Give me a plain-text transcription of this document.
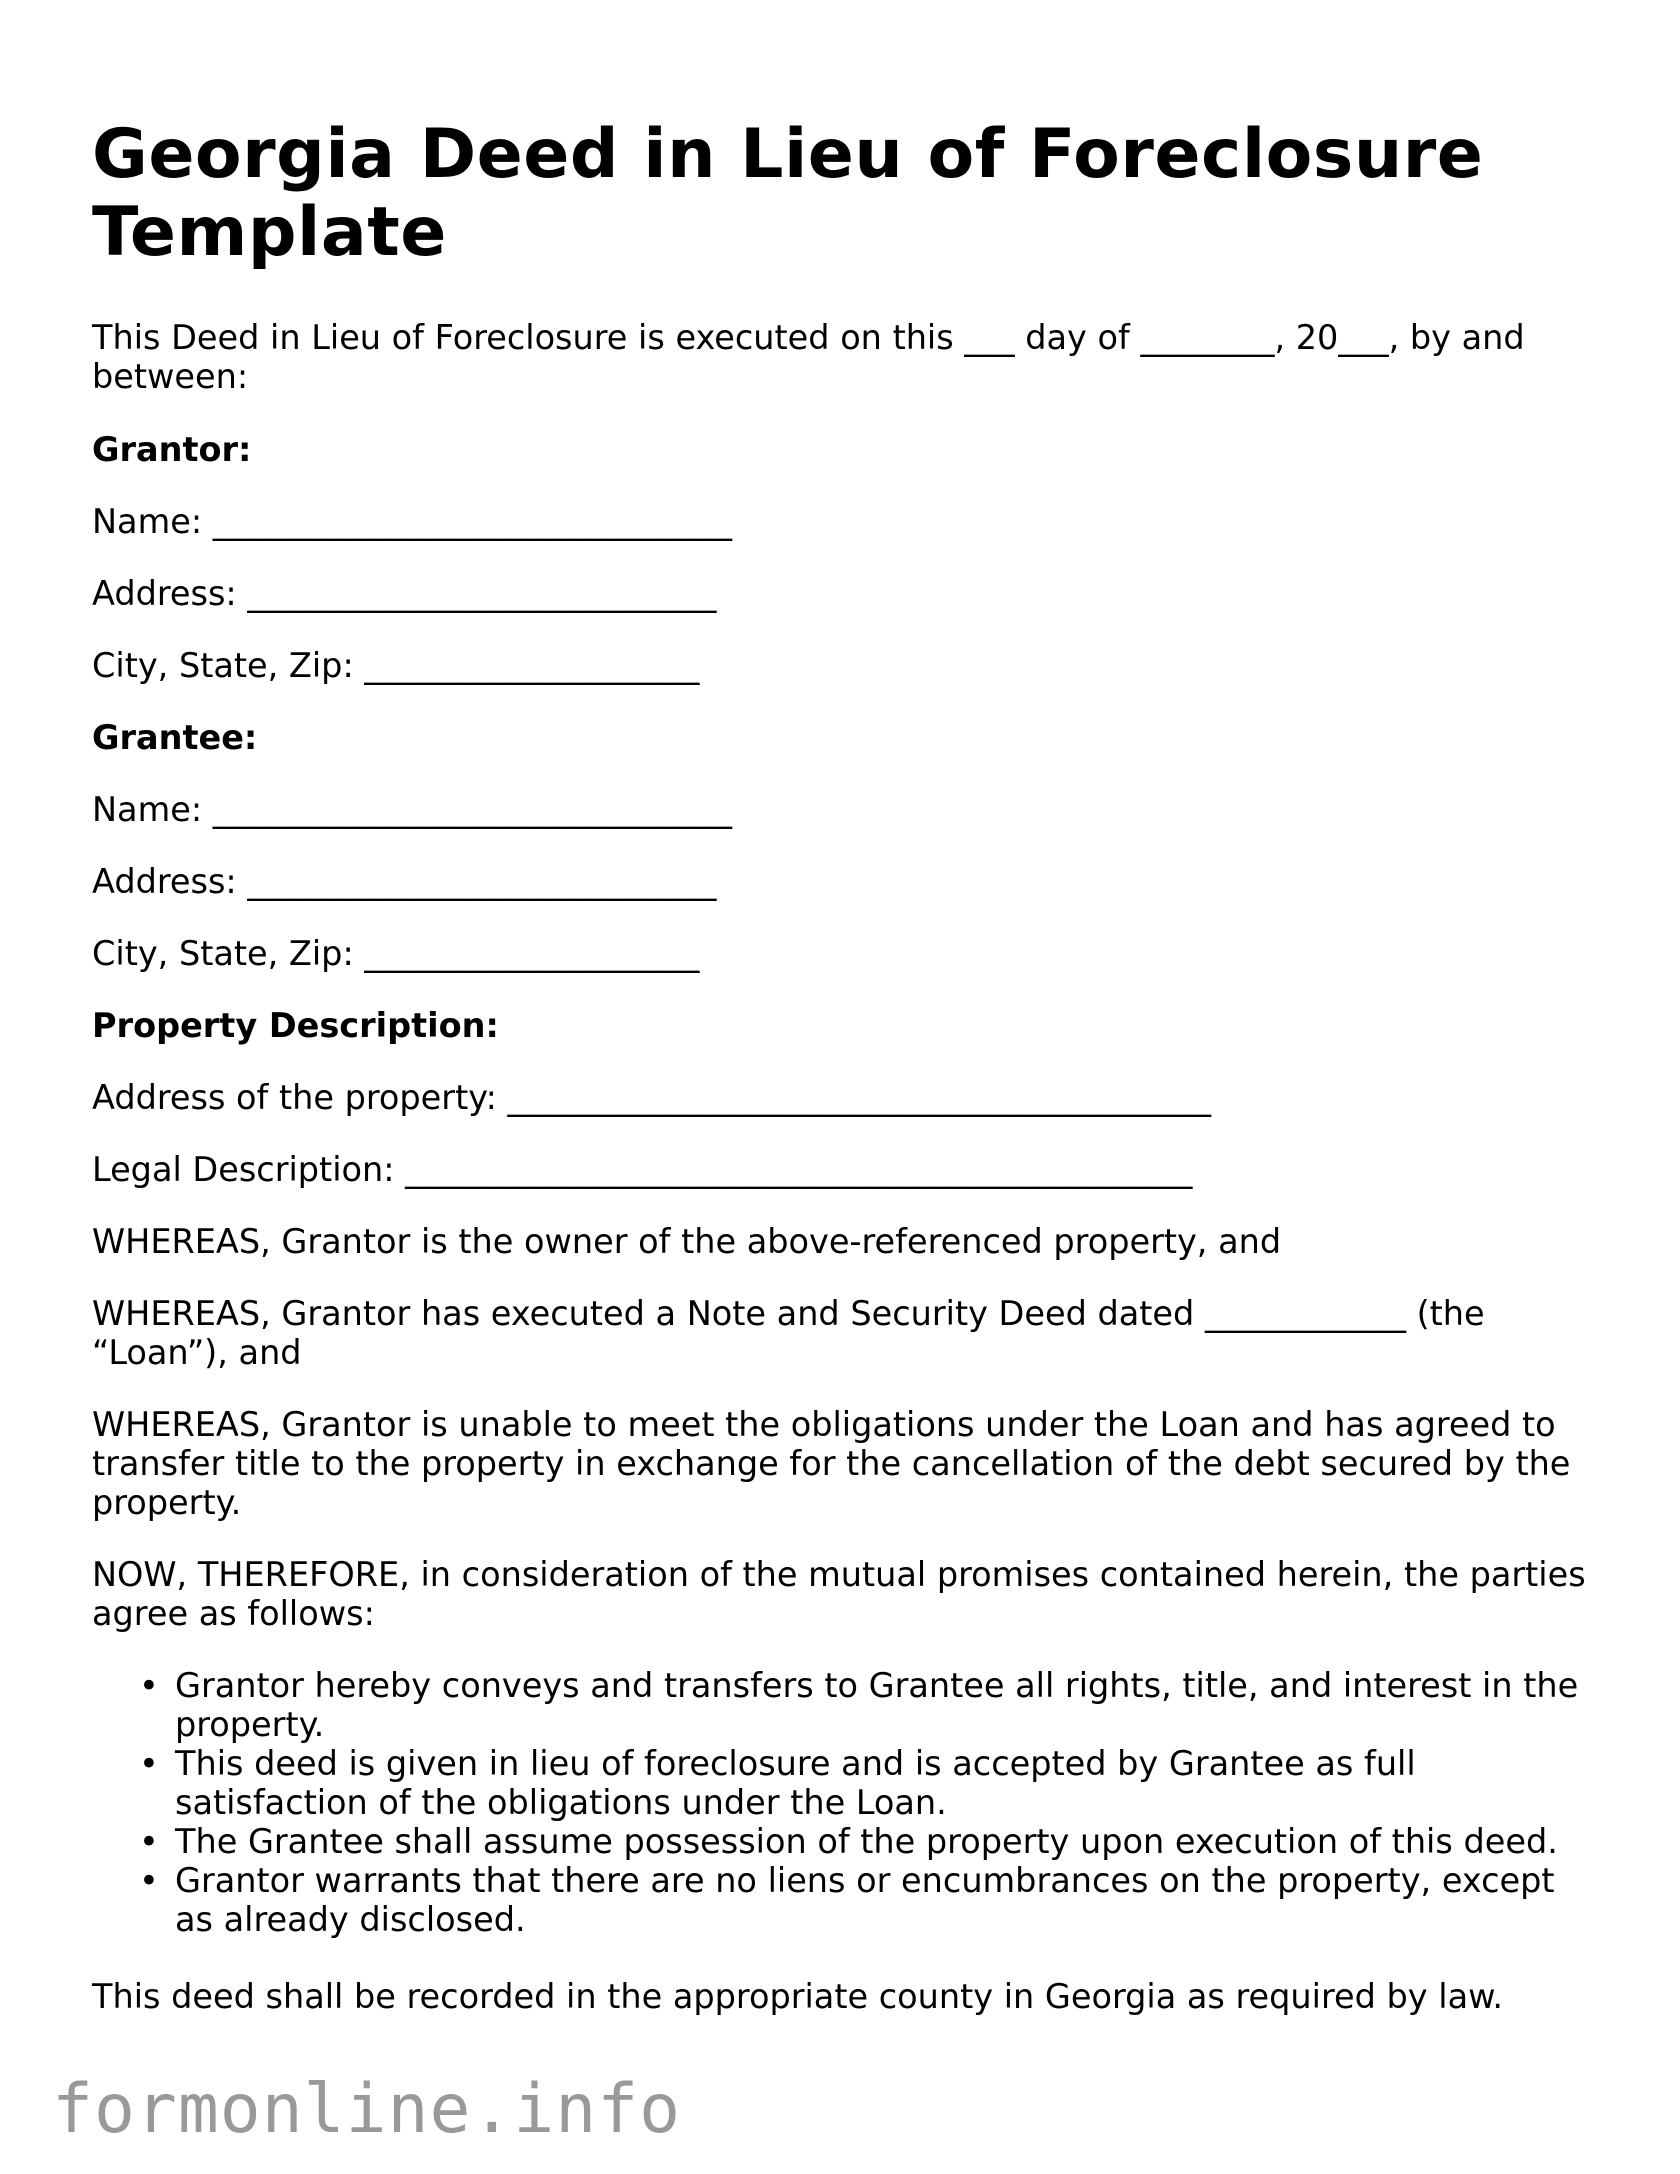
Georgia Deed in Lieu of Foreclosure Template

This Deed in Lieu of Foreclosure is executed on this ___ day of ________, 20___, by and between:

Grantor:

Name: _______________________________

Address: ____________________________

City, State, Zip: ____________________

Grantee:

Name: _______________________________

Address: ____________________________

City, State, Zip: ____________________

Property Description:

Address of the property: __________________________________________

Legal Description: _______________________________________________

WHEREAS, Grantor is the owner of the above-referenced property, and

WHEREAS, Grantor has executed a Note and Security Deed dated ____________ (the “Loan”), and

WHEREAS, Grantor is unable to meet the obligations under the Loan and has agreed to transfer title to the property in exchange for the cancellation of the debt secured by the property.

NOW, THEREFORE, in consideration of the mutual promises contained herein, the parties agree as follows:

• Grantor hereby conveys and transfers to Grantee all rights, title, and interest in the property.
• This deed is given in lieu of foreclosure and is accepted by Grantee as full satisfaction of the obligations under the Loan.
• The Grantee shall assume possession of the property upon execution of this deed.
• Grantor warrants that there are no liens or encumbrances on the property, except as already disclosed.

This deed shall be recorded in the appropriate county in Georgia as required by law.

formonline.info
